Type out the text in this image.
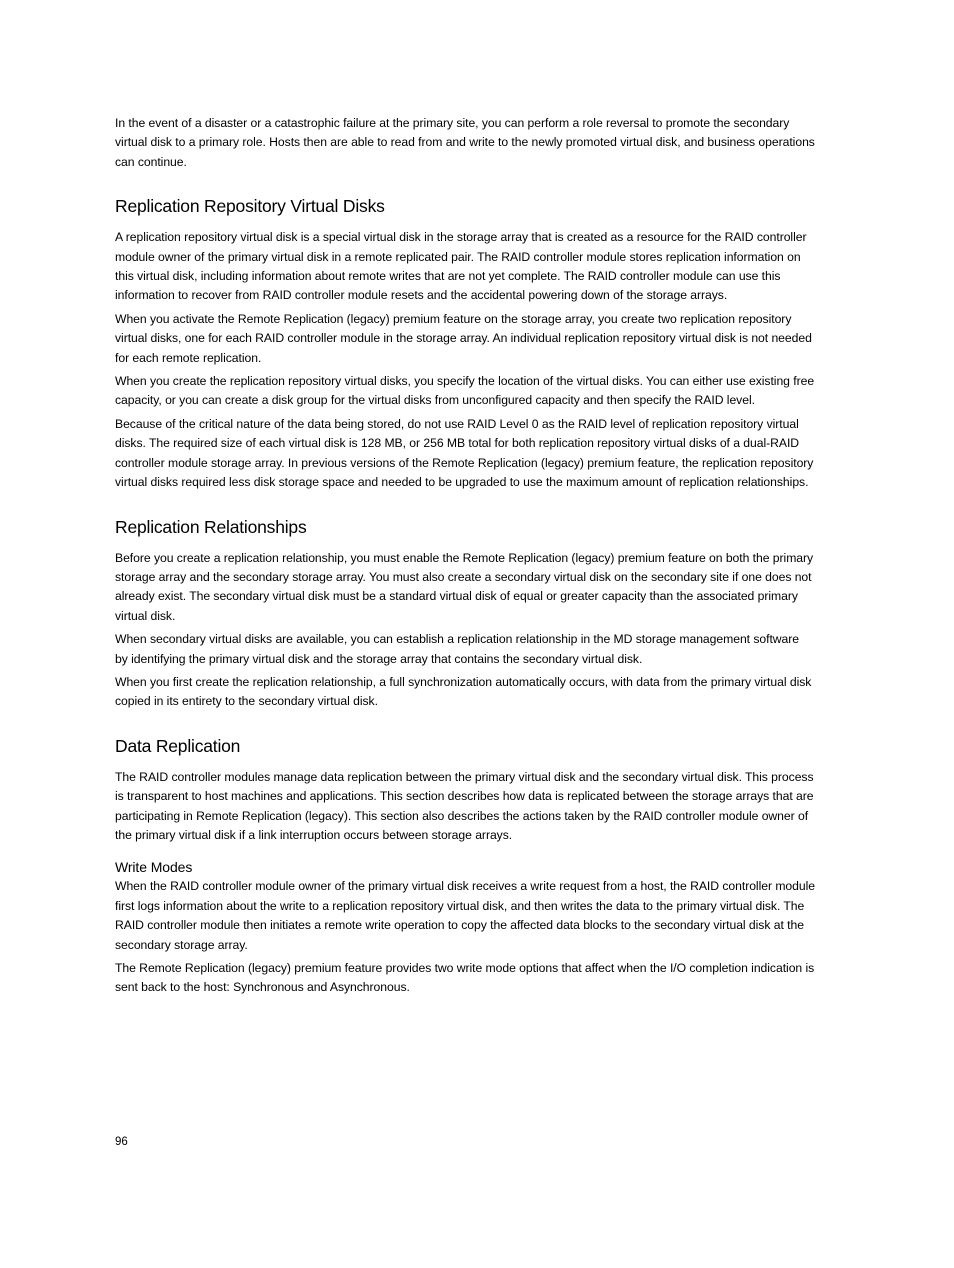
In the event of a disaster or a catastrophic failure at the primary site, you can perform a role reversal to promote the secondary virtual disk to a primary role. Hosts then are able to read from and write to the newly promoted virtual disk, and business operations can continue.

Replication Repository Virtual Disks

A replication repository virtual disk is a special virtual disk in the storage array that is created as a resource for the RAID controller module owner of the primary virtual disk in a remote replicated pair. The RAID controller module stores replication information on this virtual disk, including information about remote writes that are not yet complete. The RAID controller module can use this information to recover from RAID controller module resets and the accidental powering down of the storage arrays.

When you activate the Remote Replication (legacy) premium feature on the storage array, you create two replication repository virtual disks, one for each RAID controller module in the storage array. An individual replication repository virtual disk is not needed for each remote replication.

When you create the replication repository virtual disks, you specify the location of the virtual disks. You can either use existing free capacity, or you can create a disk group for the virtual disks from unconfigured capacity and then specify the RAID level.

Because of the critical nature of the data being stored, do not use RAID Level 0 as the RAID level of replication repository virtual disks. The required size of each virtual disk is 128 MB, or 256 MB total for both replication repository virtual disks of a dual-RAID controller module storage array. In previous versions of the Remote Replication (legacy) premium feature, the replication repository virtual disks required less disk storage space and needed to be upgraded to use the maximum amount of replication relationships.

Replication Relationships

Before you create a replication relationship, you must enable the Remote Replication (legacy) premium feature on both the primary storage array and the secondary storage array. You must also create a secondary virtual disk on the secondary site if one does not already exist. The secondary virtual disk must be a standard virtual disk of equal or greater capacity than the associated primary virtual disk.

When secondary virtual disks are available, you can establish a replication relationship in the MD storage management software by identifying the primary virtual disk and the storage array that contains the secondary virtual disk.

When you first create the replication relationship, a full synchronization automatically occurs, with data from the primary virtual disk copied in its entirety to the secondary virtual disk.

Data Replication

The RAID controller modules manage data replication between the primary virtual disk and the secondary virtual disk. This process is transparent to host machines and applications. This section describes how data is replicated between the storage arrays that are participating in Remote Replication (legacy). This section also describes the actions taken by the RAID controller module owner of the primary virtual disk if a link interruption occurs between storage arrays.

Write Modes

When the RAID controller module owner of the primary virtual disk receives a write request from a host, the RAID controller module first logs information about the write to a replication repository virtual disk, and then writes the data to the primary virtual disk. The RAID controller module then initiates a remote write operation to copy the affected data blocks to the secondary virtual disk at the secondary storage array.

The Remote Replication (legacy) premium feature provides two write mode options that affect when the I/O completion indication is sent back to the host: Synchronous and Asynchronous.

96
